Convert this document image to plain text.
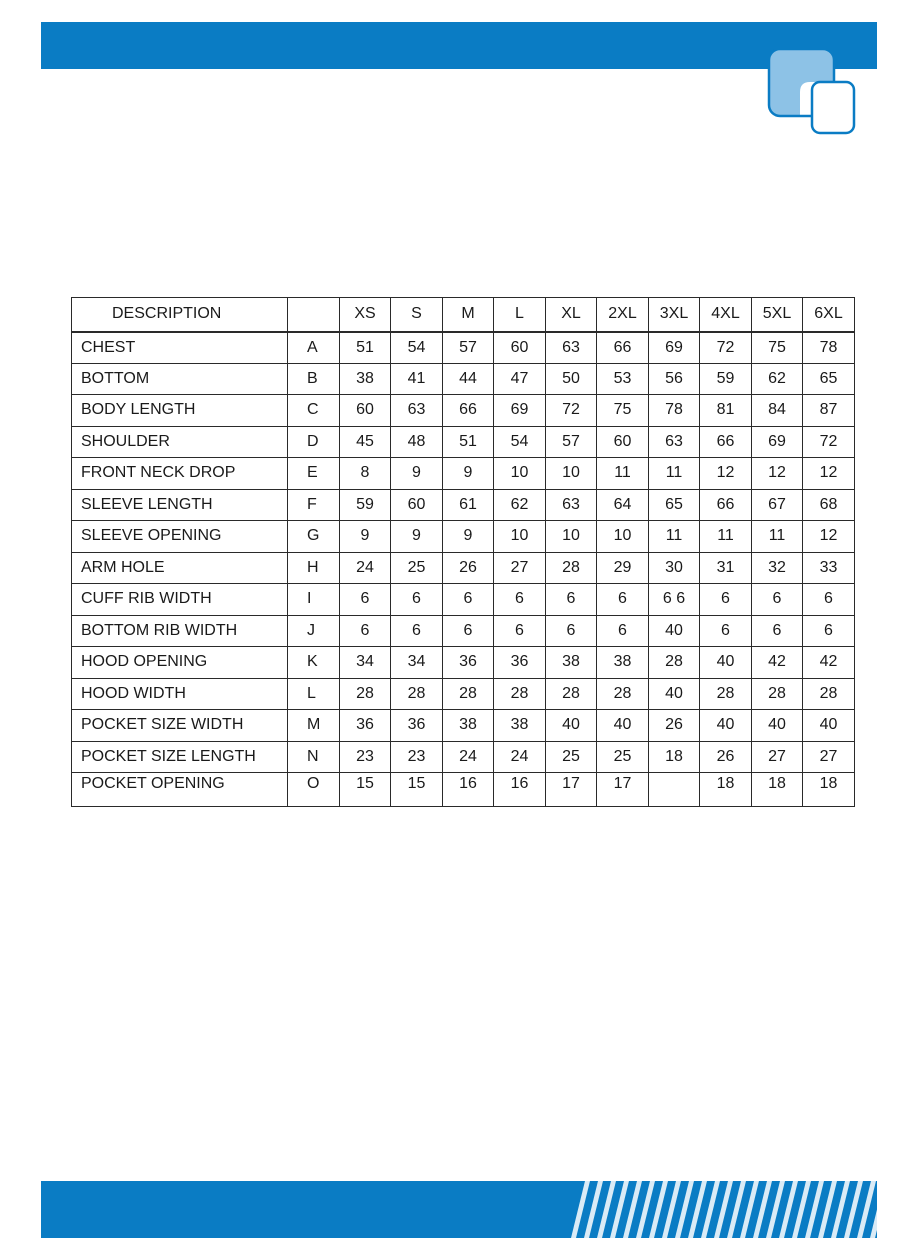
DESCRIPTION		XS	S	M	L	XL	2XL	3XL	4XL	5XL	6XL
CHEST	A	51	54	57	60	63	66	69	72	75	78
BOTTOM	B	38	41	44	47	50	53	56	59	62	65
BODY LENGTH	C	60	63	66	69	72	75	78	81	84	87
SHOULDER	D	45	48	51	54	57	60	63	66	69	72
FRONT NECK DROP	E	8	9	9	10	10	11	11	12	12	12
SLEEVE LENGTH	F	59	60	61	62	63	64	65	66	67	68
SLEEVE OPENING	G	9	9	9	10	10	10	11	11	11	12
ARM HOLE	H	24	25	26	27	28	29	30	31	32	33
CUFF RIB WIDTH	I	6	6	6	6	6	6	6 6	6	6	6
BOTTOM RIB WIDTH	J	6	6	6	6	6	6	40	6	6	6
HOOD OPENING	K	34	34	36	36	38	38	28	40	42	42
HOOD WIDTH	L	28	28	28	28	28	28	40	28	28	28
POCKET SIZE WIDTH	M	36	36	38	38	40	40	26	40	40	40
POCKET SIZE LENGTH	N	23	23	24	24	25	25	18	26	27	27
POCKET OPENING	O	15	15	16	16	17	17		18	18	18
